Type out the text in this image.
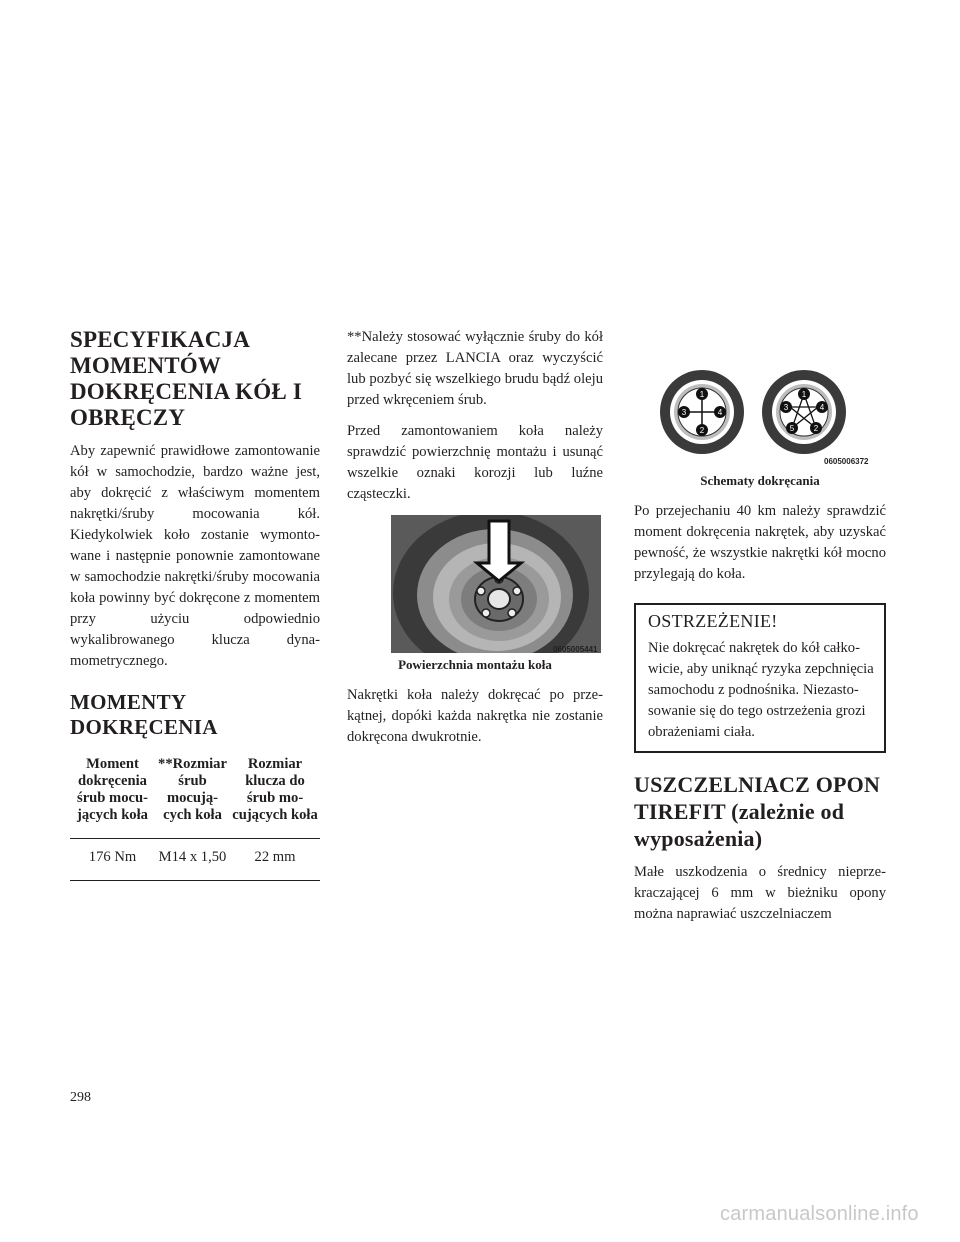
SPECYFIKACJA MOMENTÓW DOKRĘCENIA KÓŁ I OBRĘCZY

Aby zapewnić prawidłowe zamontowanie kół w samochodzie, bardzo ważne jest, aby dokręcić z właściwym momentem nakrętki/śruby mocowania kół. Kiedykolwiek koło zostanie wymontowane i następnie ponownie zamontowane w samochodzie nakrętki/śruby mocowania koła powinny być dokręcone z momentem przy użyciu odpowiednio wykalibrowanego klucza dynamometrycznego.

MOMENTY DOKRĘCENIA
Moment dokręcenia śrub mocujących koła	**Rozmiar śrub mocujących koła	Rozmiar klucza do śrub mocujących koła
176 Nm	M14 x 1,50	22 mm

**Należy stosować wyłącznie śruby do kół zalecane przez LANCIA oraz wyczyścić lub pozbyć się wszelkiego brudu bądź oleju przed wkręceniem śrub.

Przed zamontowaniem koła należy sprawdzić powierzchnię montażu i usunąć wszelkie oznaki korozji lub luźne cząsteczki.

0605005441
Powierzchnia montażu koła

Nakrętki koła należy dokręcać po przekątnej, dopóki każda nakrętka nie zostanie dokręcona dwukrotnie.

1
2
3	4
1
2
3	4
5
0605006372
Schematy dokręcania

Po przejechaniu 40 km należy sprawdzić moment dokręcenia nakrętek, aby uzyskać pewność, że wszystkie nakrętki kół mocno przylegają do koła.

OSTRZEŻENIE!

Nie dokręcać nakrętek do kół całkowicie, aby uniknąć ryzyka zepchnięcia samochodu z podnośnika. Niezastosowanie się do tego ostrzeżenia grozi obrażeniami ciała.

USZCZELNIACZ OPON TIREFIT (zależnie od wyposażenia)

Małe uszkodzenia o średnicy nieprzekraczającej 6 mm w bieżniku opony można naprawiać uszczelniaczem

298
carmanualsonline.info
